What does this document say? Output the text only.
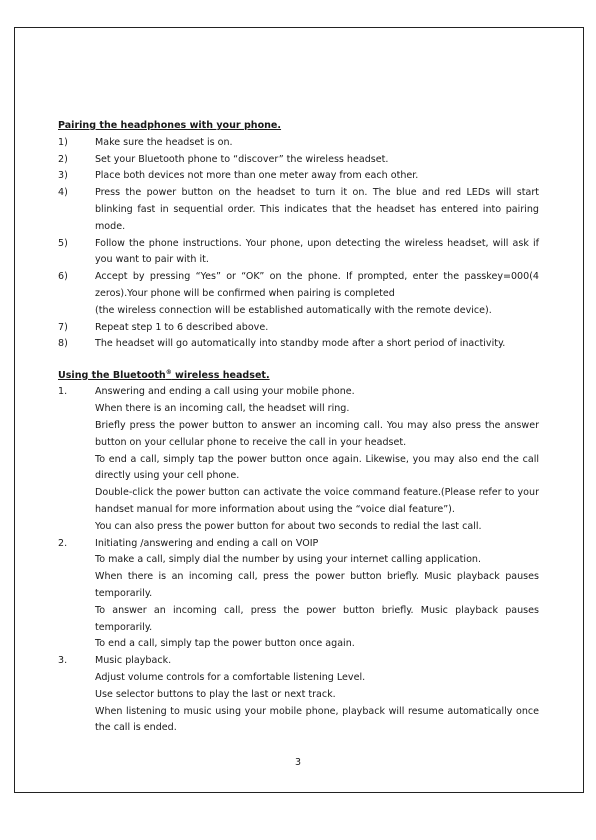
Pairing the headphones with your phone.
1)	Make sure the headset is on.
2)	Set your Bluetooth phone to “discover” the wireless headset.
3)	Place both devices not more than one meter away from each other.
4)	Press the power button on the headset to turn it on. The blue and red LEDs will start blinking fast in sequential order. This indicates that the headset has entered into pairing mode.
5)	Follow the phone instructions. Your phone, upon detecting the wireless headset, will ask if you want to pair with it.
6)	Accept by pressing “Yes” or “OK” on the phone. If prompted, enter the passkey=000(4 zeros).Your phone will be confirmed when pairing is completed
(the wireless connection will be established automatically with the remote device).
7)	Repeat step 1 to 6 described above.
8)	The headset will go automatically into standby mode after a short period of inactivity.
Using the Bluetooth® wireless headset.
1.	Answering and ending a call using your mobile phone.
When there is an incoming call, the headset will ring.
Briefly press the power button to answer an incoming call. You may also press the answer button on your cellular phone to receive the call in your headset.
To end a call, simply tap the power button once again. Likewise, you may also end the call directly using your cell phone.
Double-click the power button can activate the voice command feature.(Please refer to your handset manual for more information about using the “voice dial feature”).
You can also press the power button for about two seconds to redial the last call.
2.	Initiating /answering and ending a call on VOIP
To make a call, simply dial the number by using your internet calling application.
When there is an incoming call, press the power button briefly. Music playback pauses temporarily.
To answer an incoming call, press the power button briefly. Music playback pauses temporarily.
To end a call, simply tap the power button once again.
3.	Music playback.
Adjust volume controls for a comfortable listening Level.
Use selector buttons to play the last or next track.
When listening to music using your mobile phone, playback will resume automatically once the call is ended.
3
